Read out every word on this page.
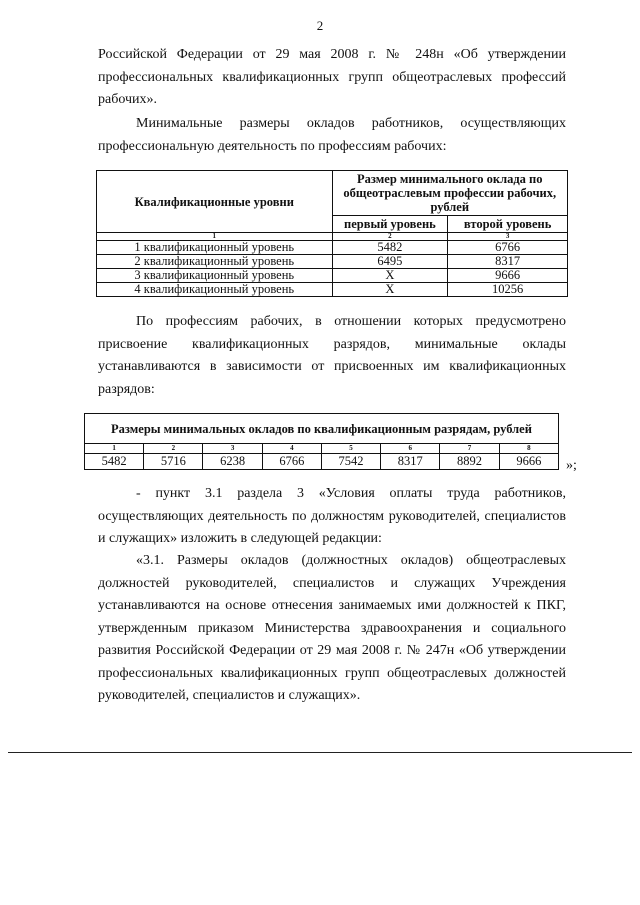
2

Российской Федерации от 29 мая 2008 г. № 248н «Об утверждении профессиональных квалификационных групп общеотраслевых профессий рабочих».

Минимальные размеры окладов работников, осуществляющих профессиональную деятельность по профессиям рабочих:

Квалификационные уровни	Размер минимального оклада по общеотраслевым профессии рабочих, рублей	
	первый уровень	второй уровень
1	2	3
1 квалификационный уровень	5482	6766
2 квалификационный уровень	6495	8317
3 квалификационный уровень	X	9666
4 квалификационный уровень	X	10256

По профессиям рабочих, в отношении которых предусмотрено присвоение квалификационных разрядов, минимальные оклады устанавливаются в зависимости от присвоенных им квалификационных разрядов:

Размеры минимальных окладов по квалификационным разрядам, рублей							
1	2	3	4	5	6	7	8
5482	5716	6238	6766	7542	8317	8892	9666 »;

- пункт 3.1 раздела 3 «Условия оплаты труда работников, осуществляющих деятельность по должностям руководителей, специалистов и служащих» изложить в следующей редакции:

«3.1. Размеры окладов (должностных окладов) общеотраслевых должностей руководителей, специалистов и служащих Учреждения устанавливаются на основе отнесения занимаемых ими должностей к ПКГ, утвержденным приказом Министерства здравоохранения и социального развития Российской Федерации от 29 мая 2008 г. № 247н «Об утверждении профессиональных квалификационных групп общеотраслевых должностей руководителей, специалистов и служащих».
